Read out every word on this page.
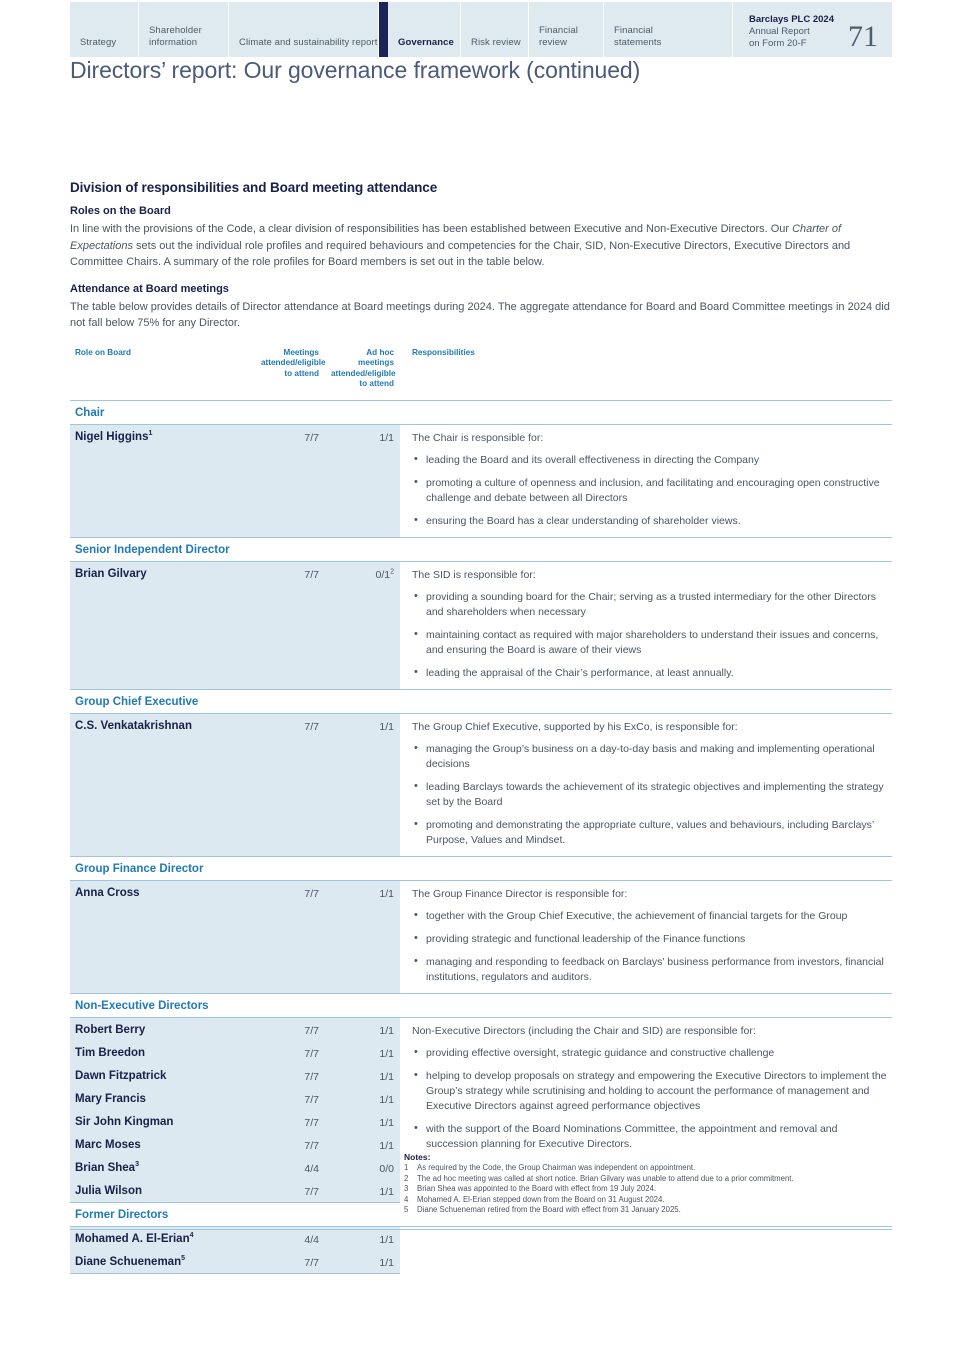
Strategy
Shareholder information	Climate and sustainability report Governance Risk review
Financial review
Financial statements
Barclays PLC 2024
Annual Report
on Form 20-F	71
Directors’ report: Our governance framework (continued)
Division of responsibilities and Board meeting attendance
Roles on the Board

In line with the provisions of the Code, a clear division of responsibilities has been established between Executive and Non-Executive Directors. Our Charter of Expectations sets out the individual role profiles and required behaviours and competencies for the Chair, SID, Non-Executive Directors, Executive Directors and Committee Chairs. A summary of the role profiles for Board members is set out in the table below.

Attendance at Board meetings

The table below provides details of Director attendance at Board meetings during 2024. The aggregate attendance for Board and Board Committee meetings in 2024 did not fall below 75% for any Director.

Role on Board	Meetings
attended/eligible
to attend	Ad hoc meetings
attended/eligible
to attend	Responsibilities
Chair			
Nigel Higgins$^1$	7/7	1/1	The Chair is responsible for:

• leading the Board and its overall effectiveness in directing the Company
• promoting a culture of openness and inclusion, and facilitating and encouraging open constructive challenge and debate between all Directors
• ensuring the Board has a clear understanding of shareholder views.

Senior Independent Director			
Brian Gilvary	7/7	$0/1^2$	The SID is responsible for:

• providing a sounding board for the Chair; serving as a trusted intermediary for the other Directors and shareholders when necessary
• maintaining contact as required with major shareholders to understand their issues and concerns, and ensuring the Board is aware of their views
• leading the appraisal of the Chair’s performance, at least annually.

Group Chief Executive			
C.S. Venkatakrishnan	7/7	1/1	The Group Chief Executive, supported by his ExCo, is responsible for:

• managing the Group’s business on a day-to-day basis and making and implementing operational decisions
• leading Barclays towards the achievement of its strategic objectives and implementing the strategy set by the Board
• promoting and demonstrating the appropriate culture, values and behaviours, including Barclays’ Purpose, Values and Mindset.

Group Finance Director			
Anna Cross	7/7	1/1	The Group Finance Director is responsible for:

• together with the Group Chief Executive, the achievement of financial targets for the Group
• providing strategic and functional leadership of the Finance functions
• managing and responding to feedback on Barclays’ business performance from investors, financial institutions, regulators and auditors.

Non-Executive Directors			
Robert Berry	7/7	1/1	Non-Executive Directors (including the Chair and SID) are responsible for:

• providing effective oversight, strategic guidance and constructive challenge
• helping to develop proposals on strategy and empowering the Executive Directors to implement the Group’s strategy while scrutinising and holding to account the performance of management and Executive Directors against agreed performance objectives
• with the support of the Board Nominations Committee, the appointment and removal and succession planning for Executive Directors.

Tim Breedon	7/7	1/1	
Dawn Fitzpatrick	7/7	1/1	
Mary Francis	7/7	1/1	
Sir John Kingman	7/7	1/1	
Marc Moses	7/7	1/1	
Brian Shea$^3$	4/4	0/0	
Julia Wilson	7/7	1/1	
Former Directors			
Mohamed A. El-Erian$^4$	4/4	1/1	
Diane Schueneman$^5$	7/7	1/1	
Notes:
1	As required by the Code, the Group Chairman was independent on appointment.
2	The ad hoc meeting was called at short notice. Brian Gilvary was unable to attend due to a prior commitment.
3	Brian Shea was appointed to the Board with effect from 19 July 2024.
4	Mohamed A. El-Erian stepped down from the Board on 31 August 2024.
5	Diane Schueneman retired from the Board with effect from 31 January 2025.
